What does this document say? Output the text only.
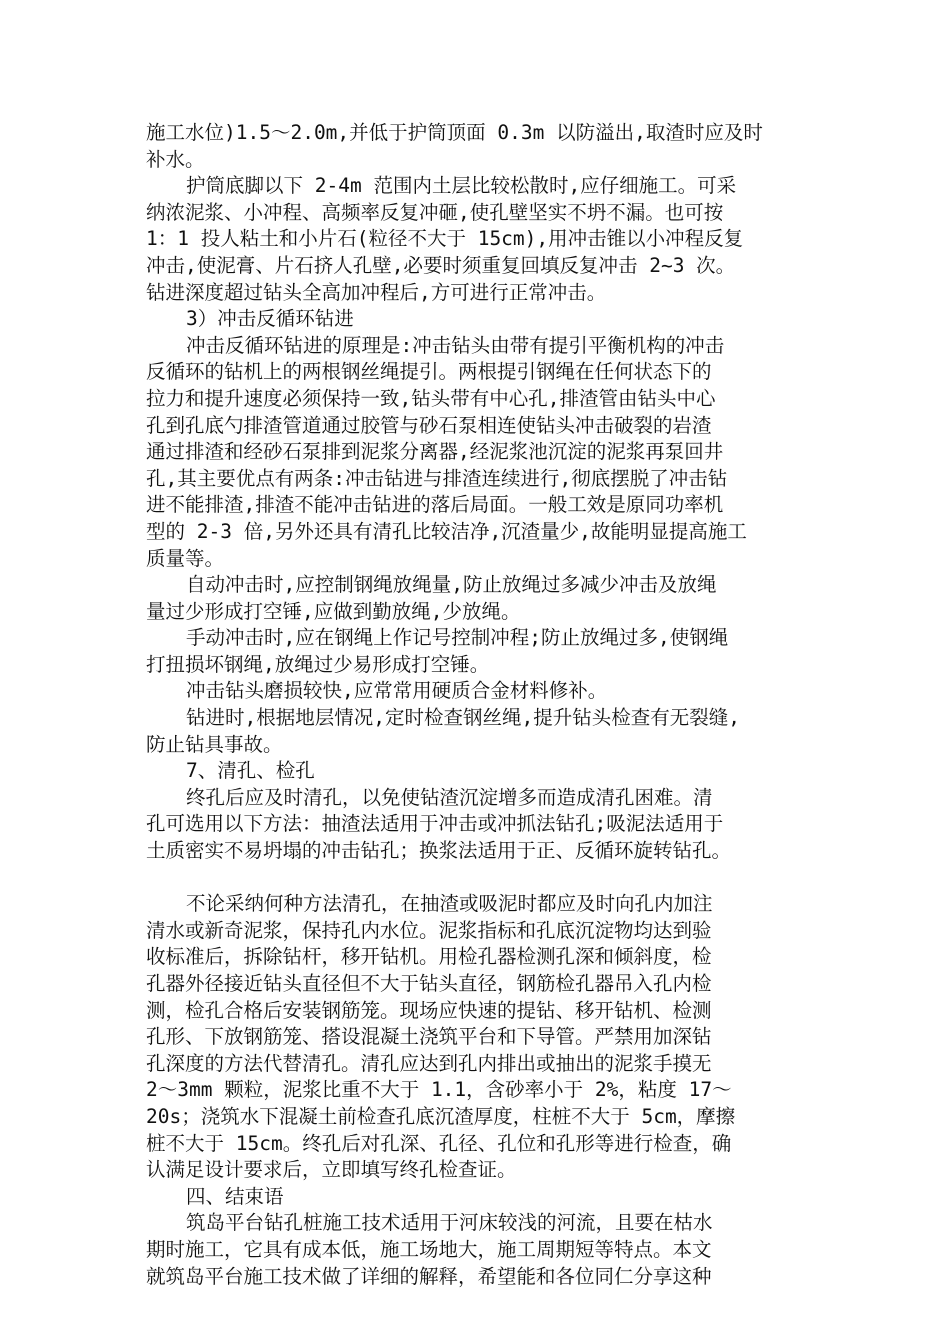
施工水位)1.5～2.0m,并低于护筒顶面 0.3m 以防溢出,取渣时应及时
补水。
护筒底脚以下 2-4m 范围内土层比较松散时,应仔细施工。可采
纳浓泥浆、小冲程、高频率反复冲砸,使孔壁坚实不坍不漏。也可按
1：1 投人粘土和小片石(粒径不大于 15cm),用冲击锥以小冲程反复
冲击,使泥膏、片石挤人孔壁,必要时须重复回填反复冲击 2~3 次。
钻进深度超过钻头全高加冲程后,方可进行正常冲击。
3）冲击反循环钻进
冲击反循环钻进的原理是:冲击钻头由带有提引平衡机构的冲击
反循环的钻机上的两根钢丝绳提引。两根提引钢绳在任何状态下的
拉力和提升速度必须保持一致,钻头带有中心孔,排渣管由钻头中心
孔到孔底勺排渣管道通过胶管与砂石泵相连使钻头冲击破裂的岩渣
通过排渣和经砂石泵排到泥浆分离器,经泥浆池沉淀的泥浆再泵回井
孔,其主要优点有两条:冲击钻进与排渣连续进行,彻底摆脱了冲击钻
进不能排渣,排渣不能冲击钻进的落后局面。一般工效是原同功率机
型的 2-3 倍,另外还具有清孔比较洁净,沉渣量少,故能明显提高施工
质量等。
自动冲击时,应控制钢绳放绳量,防止放绳过多减少冲击及放绳
量过少形成打空锤,应做到勤放绳,少放绳。
手动冲击时,应在钢绳上作记号控制冲程;防止放绳过多,使钢绳
打扭损坏钢绳,放绳过少易形成打空锤。
冲击钻头磨损较快,应常常用硬质合金材料修补。
钻进时,根据地层情况,定时检查钢丝绳,提升钻头检查有无裂缝,
防止钻具事故。
7、清孔、检孔
终孔后应及时清孔，以免使钻渣沉淀增多而造成清孔困难。清
孔可选用以下方法：抽渣法适用于冲击或冲抓法钻孔;吸泥法适用于
土质密实不易坍塌的冲击钻孔；换浆法适用于正、反循环旋转钻孔。
不论采纳何种方法清孔，在抽渣或吸泥时都应及时向孔内加注
清水或新奇泥浆，保持孔内水位。泥浆指标和孔底沉淀物均达到验
收标准后，拆除钻杆，移开钻机。用检孔器检测孔深和倾斜度，检
孔器外径接近钻头直径但不大于钻头直径，钢筋检孔器吊入孔内检
测，检孔合格后安装钢筋笼。现场应快速的提钻、移开钻机、检测
孔形、下放钢筋笼、搭设混凝土浇筑平台和下导管。严禁用加深钻
孔深度的方法代替清孔。清孔应达到孔内排出或抽出的泥浆手摸无
2～3mm 颗粒，泥浆比重不大于 1.1，含砂率小于 2%，粘度 17～
20s；浇筑水下混凝土前检查孔底沉渣厚度，柱桩不大于 5cm，摩擦
桩不大于 15cm。终孔后对孔深、孔径、孔位和孔形等进行检查，确
认满足设计要求后，立即填写终孔检查证。
四、结束语
筑岛平台钻孔桩施工技术适用于河床较浅的河流，且要在枯水
期时施工，它具有成本低，施工场地大，施工周期短等特点。本文
就筑岛平台施工技术做了详细的解释，希望能和各位同仁分享这种
